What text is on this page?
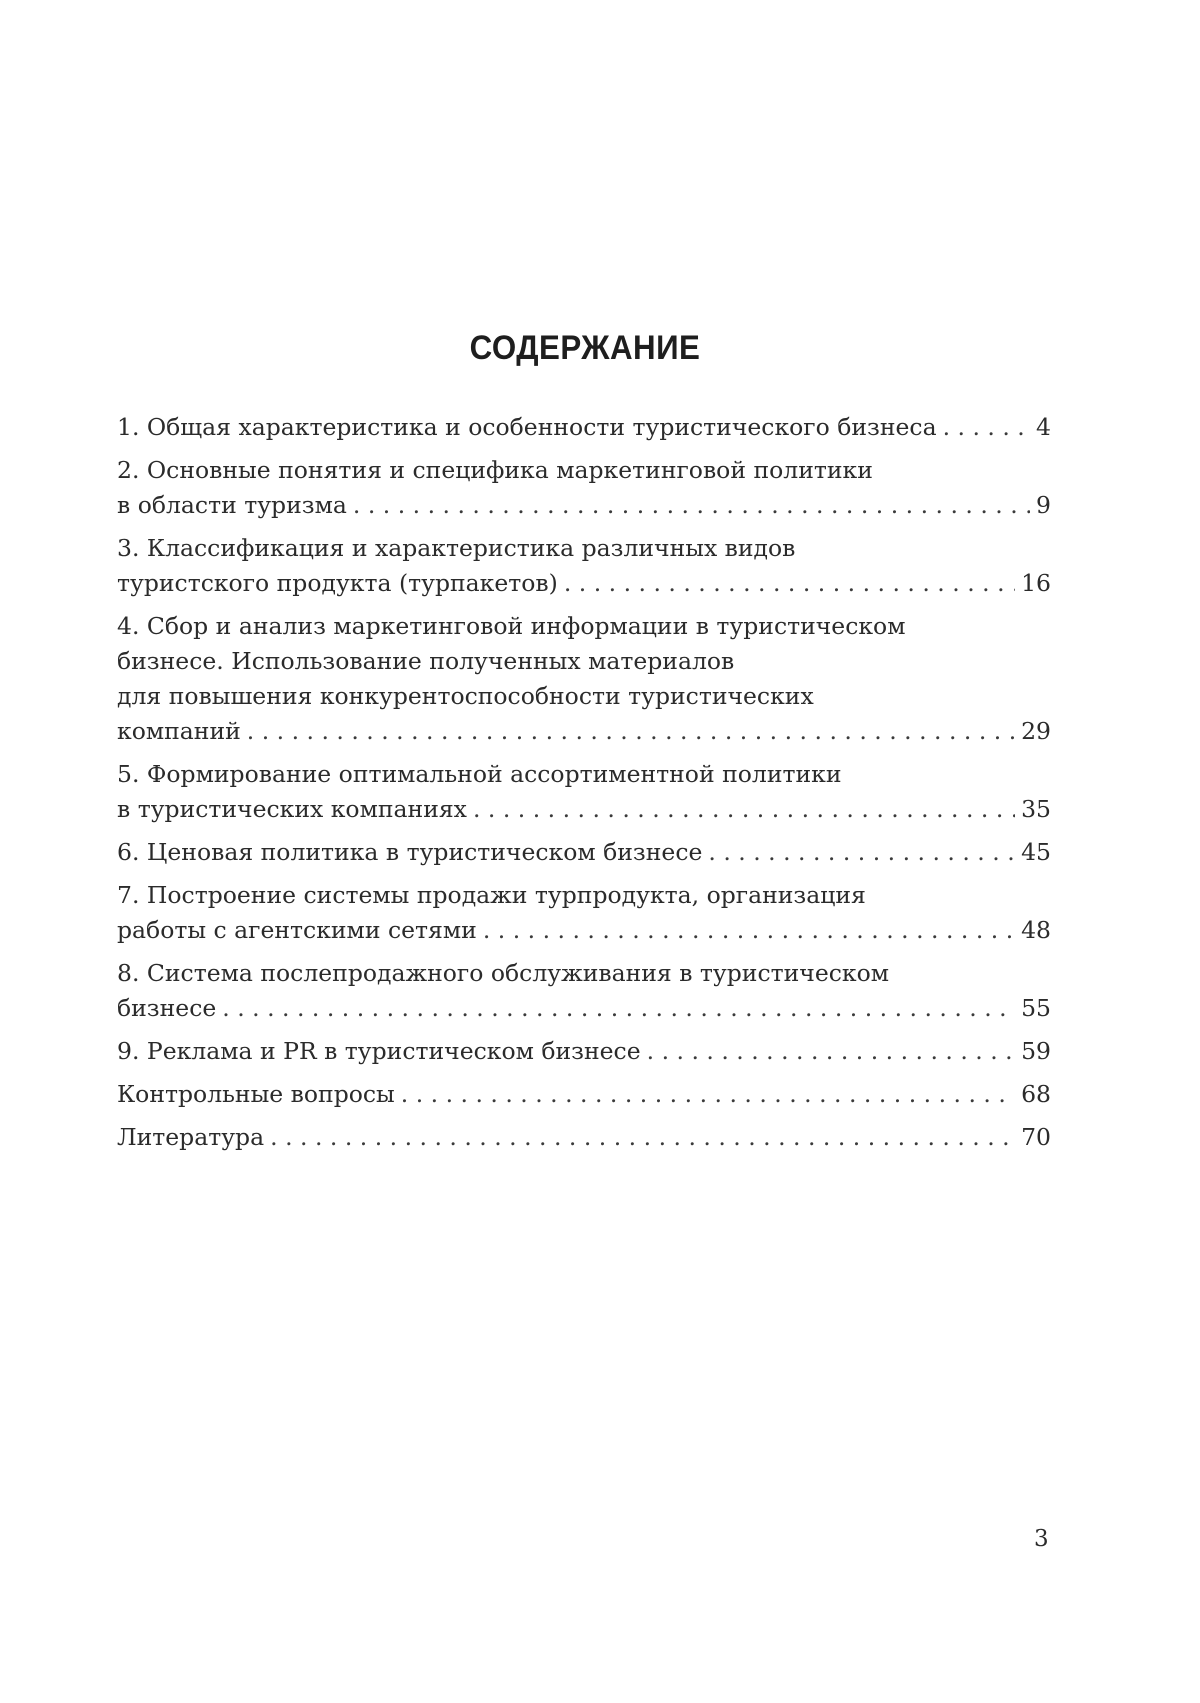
СОДЕРЖАНИЕ
1. Общая характеристика и особенности туристического бизнеса . . .	4
2. Основные понятия и специфика маркетинговой политики
в области туризма . . .	9
3. Классификация и характеристика различных видов
туристского продукта (турпакетов) . . .	16
4. Сбор и анализ маркетинговой информации в туристическом
бизнесе. Использование полученных материалов
для повышения конкурентоспособности туристических
компаний . . .	29
5. Формирование оптимальной ассортиментной политики
в туристических компаниях . . .	35
6. Ценовая политика в туристическом бизнесе . . .	45
7. Построение системы продажи турпродукта, организация
работы с агентскими сетями . . .	48
8. Система послепродажного обслуживания в туристическом
бизнесе . . .	55
9. Реклама и PR в туристическом бизнесе . . .	59
Контрольные вопросы . . .	68
Литература . . .	70
3
